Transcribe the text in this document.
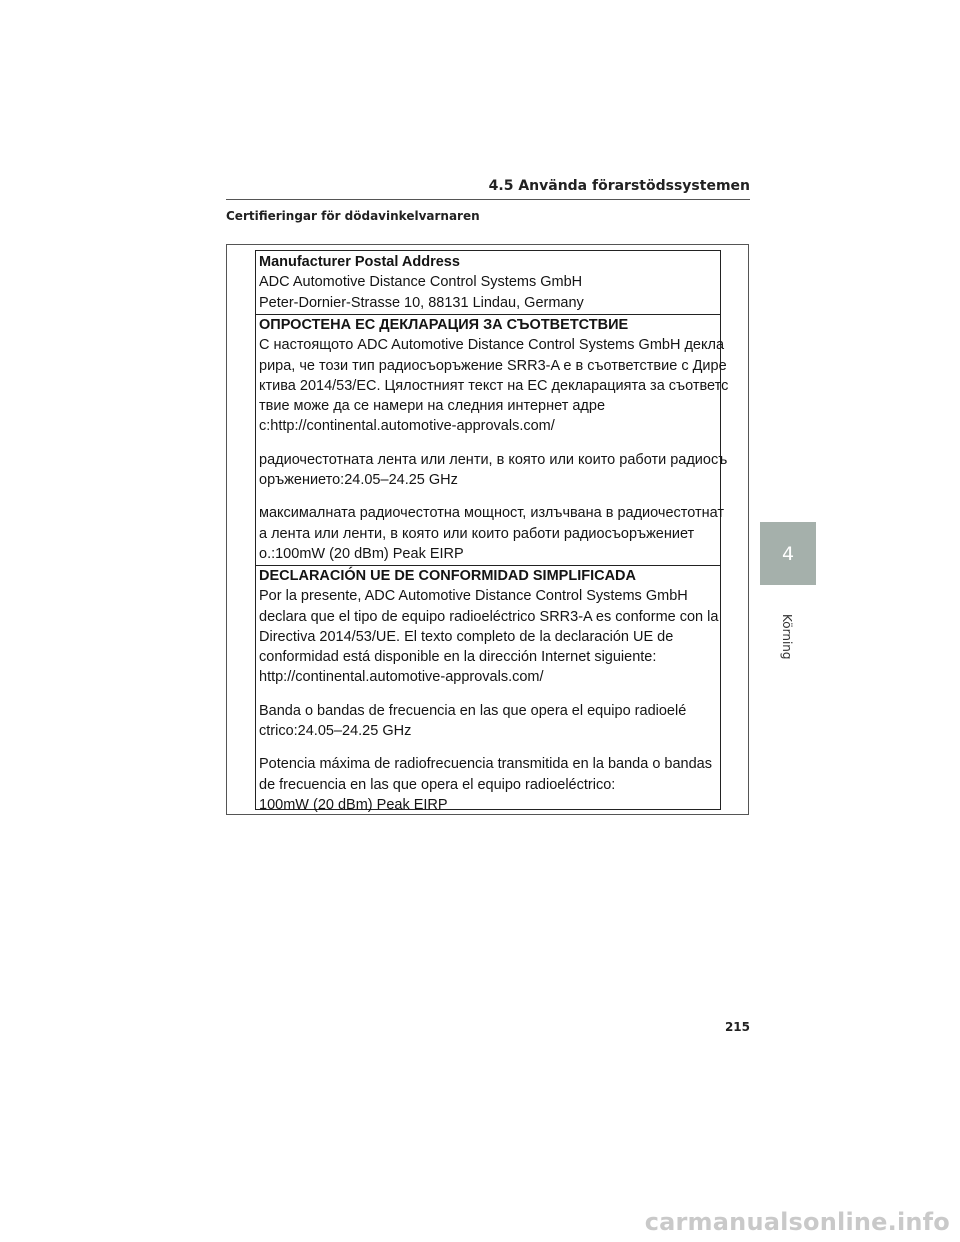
4.5 Använda förarstödssystemen
Certifieringar för dödavinkelvarnaren
Manufacturer Postal Address
ADC Automotive Distance Control Systems GmbH
Peter-Dornier-Strasse 10, 88131 Lindau, Germany
ОПРОСТЕНА ЕС ДЕКЛАРАЦИЯ ЗА СЪОТВЕТСТВИЕ
С настоящото ADC Automotive Distance Control Systems GmbH декла
рира, че този тип радиосъоръжение SRR3-A е в съответствие с Дире
ктива 2014/53/ЕС. Цялостният текст на ЕС декларацията за съответс
твие може да се намери на следния интернет адре
с:http://continental.automotive-approvals.com/
радиочестотната лента или ленти, в която или които работи радиосъ
оръжението:24.05–24.25 GHz
максималната радиочестотна мощност, излъчвана в радиочестотнат
а лента или ленти, в която или които работи радиосъоръжениет
о.:100mW (20 dBm) Peak EIRP
DECLARACIÓN UE DE CONFORMIDAD SIMPLIFICADA
Por la presente, ADC Automotive Distance Control Systems GmbH
declara que el tipo de equipo radioeléctrico SRR3-A es conforme con la
Directiva 2014/53/UE. El texto completo de la declaración UE de
conformidad está disponible en la dirección Internet siguiente:
http://continental.automotive-approvals.com/
Banda o bandas de frecuencia en las que opera el equipo radioelé
ctrico:24.05–24.25 GHz
Potencia máxima de radiofrecuencia transmitida en la banda o bandas
de frecuencia en las que opera el equipo radioeléctrico:
100mW (20 dBm) Peak EIRP
4
Körning
215
carmanualsonline.info
